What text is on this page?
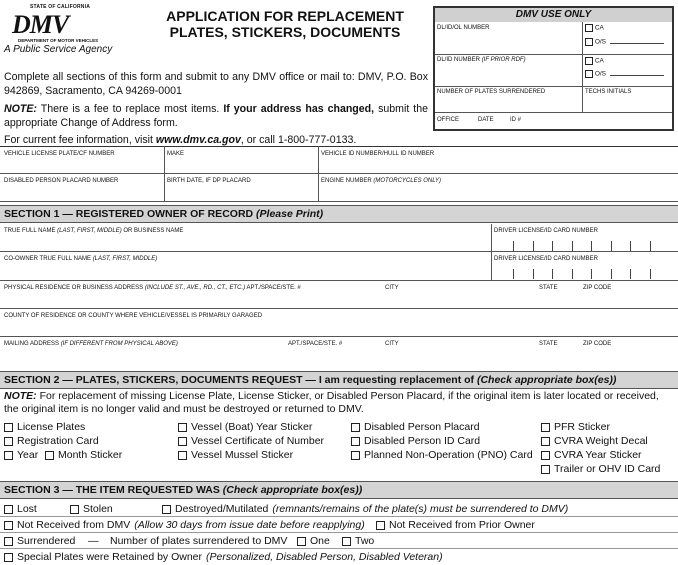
STATE OF CALIFORNIA
DMV
DEPARTMENT OF MOTOR VEHICLES
A Public Service Agency
APPLICATION FOR REPLACEMENT
PLATES, STICKERS, DOCUMENTS
Complete all sections of this form and submit to any DMV office or mail to: DMV, P.O. Box 942869, Sacramento, CA 94269-0001
NOTE: There is a fee to replace most items. If your address has changed, submit the appropriate Change of Address form.
For current fee information, visit www.dmv.ca.gov, or call 1-800-777-0133.
DMV USE ONLY
DL/ID/OL NUMBER	CA
O/S
DL/ID NUMBER (IF PRIOR RDF)	CA
O/S
NUMBER OF PLATES SURRENDERED	TECHS INITIALS
OFFICE	DATE	ID #
VEHICLE LICENSE PLATE/CF NUMBER	MAKE	VEHICLE ID NUMBER/HULL ID NUMBER
DISABLED PERSON PLACARD NUMBER	BIRTH DATE, IF DP PLACARD	ENGINE NUMBER (MOTORCYCLES ONLY)
SECTION 1 — REGISTERED OWNER OF RECORD (Please Print)
TRUE FULL NAME (LAST, FIRST, MIDDLE) OR BUSINESS NAME	DRIVER LICENSE/ID CARD NUMBER
CO-OWNER TRUE FULL NAME (LAST, FIRST, MIDDLE)	DRIVER LICENSE/ID CARD NUMBER
PHYSICAL RESIDENCE OR BUSINESS ADDRESS (INCLUDE ST., AVE., RD., CT., ETC.) APT./SPACE/STE. #	CITY	STATE	ZIP CODE
COUNTY OF RESIDENCE OR COUNTY WHERE VEHICLE/VESSEL IS PRIMARILY GARAGED
MAILING ADDRESS (IF DIFFERENT FROM PHYSICAL ABOVE)	APT./SPACE/STE. #	CITY	STATE	ZIP CODE
SECTION 2 — PLATES, STICKERS, DOCUMENTS REQUEST — I am requesting replacement of (Check appropriate box(es))
NOTE: For replacement of missing License Plate, License Sticker, or Disabled Person Placard, if the original item is later located or received, the original item is no longer valid and must be destroyed or returned to DMV.
License Plates
Registration Card
Year Month Sticker
Vessel (Boat) Year Sticker
Vessel Certificate of Number
Vessel Mussel Sticker
Disabled Person Placard
Disabled Person ID Card
Planned Non-Operation (PNO) Card
PFR Sticker
CVRA Weight Decal
CVRA Year Sticker
Trailer or OHV ID Card
SECTION 3 — THE ITEM REQUESTED WAS (Check appropriate box(es))
Lost	Stolen	Destroyed/Mutilated (remnants/remains of the plate(s) must be surrendered to DMV)
Not Received from DMV (Allow 30 days from issue date before reapplying) Not Received from Prior Owner
Surrendered — Number of plates surrendered to DMV One Two
Special Plates were Retained by Owner (Personalized, Disabled Person, Disabled Veteran)
